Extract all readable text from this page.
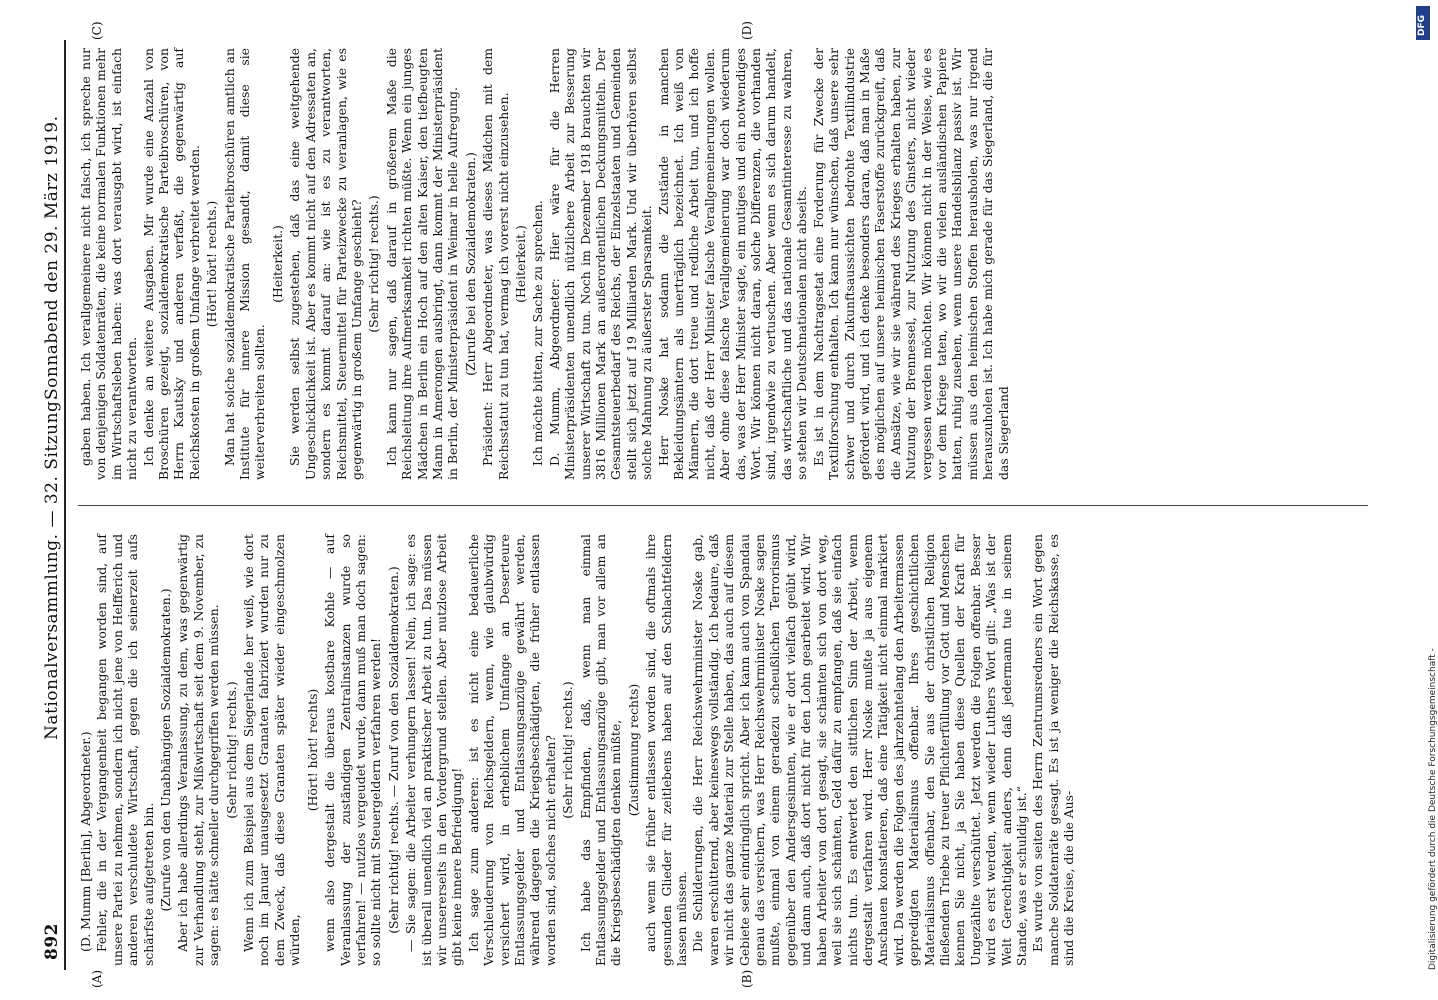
892
Nationalversammlung. — 32. Sitzung.
Sonnabend den 29. März 1919.
(A)	(B)
(C)	(D)

(D. Mumm [Berlin], Abgeordneter.) Fehler, die in der Vergangenheit begangen worden sind, auf unsere Partei zu nehmen, sondern ich nicht jene von Helfferich und anderen verschuldete Wirtschaft, gegen die ich seinerzeit aufs schärfste aufgetreten bin. (Zurufe von den Unabhängigen Sozialdemokraten.) Aber ich habe allerdings Veranlassung, zu dem, was gegenwärtig zur Verhandlung steht, zur Mißwirtschaft seit dem 9. November, zu sagen: es hätte schneller durchgegriffen werden müssen. (Sehr richtig! rechts.) Wenn ich zum Beispiel aus dem Siegerlande her weiß, wie dort noch im Januar unausgesetzt Granaten fabriziert wurden nur zu dem Zweck, daß diese Granaten später wieder eingeschmolzen würden,

(Hört! hört! rechts) wenn also dergestalt die überaus kostbare Kohle — auf Veranlassung der zuständigen Zentralinstanzen wurde so verfahren! — nutzlos vergeudet wurde, dann muß man doch sagen: so sollte nicht mit Steuergeldern verfahren werden! (Sehr richtig! rechts. — Zuruf von den Sozialdemokraten.) — Sie sagen: die Arbeiter verhungern lassen! Nein, ich sage: es ist überall unendlich viel an praktischer Arbeit zu tun. Das müssen wir unsererseits in den Vordergrund stellen. Aber nutzlose Arbeit gibt keine innere Befriedigung! Ich sage zum anderen: ist es nicht eine bedauerliche Verschleuderung von Reichsgeldern, wenn, wie glaubwürdig versichert wird, in erheblichem Umfange an Deserteure Entlassungsgelder und Entlassungsanzüge gewährt werden, während dagegen die Kriegsbeschädigten, die früher entlassen worden sind, solches nicht erhalten? (Sehr richtig! rechts.) Ich habe das Empfinden, daß, wenn man einmal Entlassungsgelder und Entlassungsanzüge gibt, man vor allem an die Kriegsbeschädigten denken müßte, (Zustimmung rechts) auch wenn sie früher entlassen worden sind, die oftmals ihre gesunden Glieder für zeitlebens haben auf den Schlachtfeldern lassen müssen. Die Schilderungen, die Herr Reichswehrminister Noske gab, waren erschütternd, aber keineswegs vollständig. Ich bedaure, daß wir nicht das ganze Material zur Stelle haben, das auch auf diesem Gebiete sehr eindringlich spricht. Aber ich kann auch von Spandau genau das versichern, was Herr Reichswehrminister Noske sagen mußte, einmal von einem geradezu scheußlichen Terrorismus gegenüber den Andersgesinnten, wie er dort vielfach geübt wird, und dann auch, daß dort nicht für den Lohn gearbeitet wird. Wir haben Arbeiter von dort gesagt, sie schämten sich von dort weg, weil sie sich schämten, Geld dafür zu empfangen, daß sie einfach nichts tun. Es entwertet den sittlichen Sinn der Arbeit, wenn dergestalt verfahren wird. Herr Noske mußte ja aus eigenem Anschauen konstatieren, daß eine Tätigkeit nicht einmal markiert wird. Da werden die Folgen des jahrzehntelang den Arbeitermassen gepredigten Materialismus offenbar. Ihres geschichtlichen Materialismus offenbar, den Sie aus der christlichen Religion fließenden Triebe zu treuer Pflichterfüllung vor Gott und Menschen kennen Sie nicht, ja Sie haben diese Quellen der Kraft für Ungezählte verschüttet. Jetzt werden die Folgen offenbar. Besser wird es erst werden, wenn wieder Luthers Wort gilt: „Was ist der Welt Gerechtigkeit anders, denn daß jedermann tue in seinem Stande, was er schuldig ist.“ Es wurde von seiten des Herrn Zentrumsredners ein Wort gegen manche Soldatenräte gesagt. Es ist ja weniger die Reichskasse, es sind die Kreise, die die Aus-

gaben haben. Ich verallgemeinere nicht falsch, ich spreche nur von denjenigen Soldatenräten, die keine normalen Funktionen mehr im Wirtschaftsleben haben: was dort verausgabt wird, ist einfach nicht zu verantworten. Ich denke an weitere Ausgaben. Mir wurde eine Anzahl von Broschüren gezeigt, sozialdemokratische Parteibroschüren, von Herrn Kautsky und anderen verfaßt, die gegenwärtig auf Reichskosten in großem Umfange verbreitet werden. (Hört! hört! rechts.) Man hat solche sozialdemokratische Parteibroschüren amtlich an Institute für innere Mission gesandt, damit diese sie weiterverbreiten sollten.

(Heiterkeit.) Sie werden selbst zugestehen, daß das eine weitgehende Ungeschicklichkeit ist. Aber es kommt nicht auf den Adressaten an, sondern es kommt darauf an: wie ist es zu verantworten, Reichsmittel, Steuermittel für Parteizwecke zu veranlagen, wie es gegenwärtig in großem Umfange geschieht? (Sehr richtig! rechts.) Ich kann nur sagen, daß darauf in größerem Maße die Reichsleitung ihre Aufmerksamkeit richten müßte. Wenn ein junges Mädchen in Berlin ein Hoch auf den alten Kaiser, den tiefbeugten Mann in Amerongen ausbringt, dann kommt der Ministerpräsident in Berlin, der Ministerpräsident in Weimar in helle Aufregung. (Zurufe bei den Sozialdemokraten.) Präsident: Herr Abgeordneter, was dieses Mädchen mit dem Reichsstatut zu tun hat, vermag ich vorerst nicht einzusehen. (Heiterkeit.) Ich möchte bitten, zur Sache zu sprechen. D. Mumm, Abgeordneter: Hier wäre für die Herren Ministerpräsidenten unendlich nützlichere Arbeit zur Besserung unserer Wirtschaft zu tun. Noch im Dezember 1918 brauchten wir 3816 Millionen Mark an außerordentlichen Deckungsmitteln. Der Gesamtsteuerbedarf des Reichs, der Einzelstaaten und Gemeinden stellt sich jetzt auf 19 Milliarden Mark. Und wir überhören selbst solche Mahnung zu äußerster Sparsamkeit. Herr Noske hat sodann die Zustände in manchen Bekleidungsämtern als unerträglich bezeichnet. Ich weiß von Männern, die dort treue und redliche Arbeit tun, und ich hoffe nicht, daß der Herr Minister falsche Verallgemeinerungen wollen. Aber ohne diese falsche Verallgemeinerung war doch wiederum das, was der Herr Minister sagte, ein mutiges und ein notwendiges Wort. Wir können nicht daran, solche Differenzen, die vorhanden sind, irgendwie zu vertuschen. Aber wenn es sich darum handelt, das wirtschaftliche und das nationale Gesamtinteresse zu wahren, so stehen wir Deutschnationalen nicht abseits. Es ist in dem Nachtragsetat eine Forderung für Zwecke der Textilforschung enthalten. Ich kann nur wünschen, daß unsere sehr schwer und durch Zukunftsaussichten bedrohte Textilindustrie gefördert wird, und ich denke besonders daran, daß man in Maße des möglichen auf unsere heimischen Faserstoffe zurückgreift, daß die Ansätze, wie wir sie während des Krieges erhalten haben, zur Nutzung der Brennessel, zur Nutzung des Ginsters, nicht wieder vergessen werden möchten. Wir können nicht in der Weise, wie es vor dem Kriege taten, wo wir die vielen ausländischen Papiere hatten, ruhig zusehen, wenn unsere Handelsbilanz passiv ist. Wir müssen aus den heimischen Stoffen herausholen, was nur irgend herauszuholen ist. Ich habe mich gerade für das Siegerland, die für das Siegerland

Digitalisierung gefördert durch die Deutsche Forschungsgemeinschaft -
DFG
